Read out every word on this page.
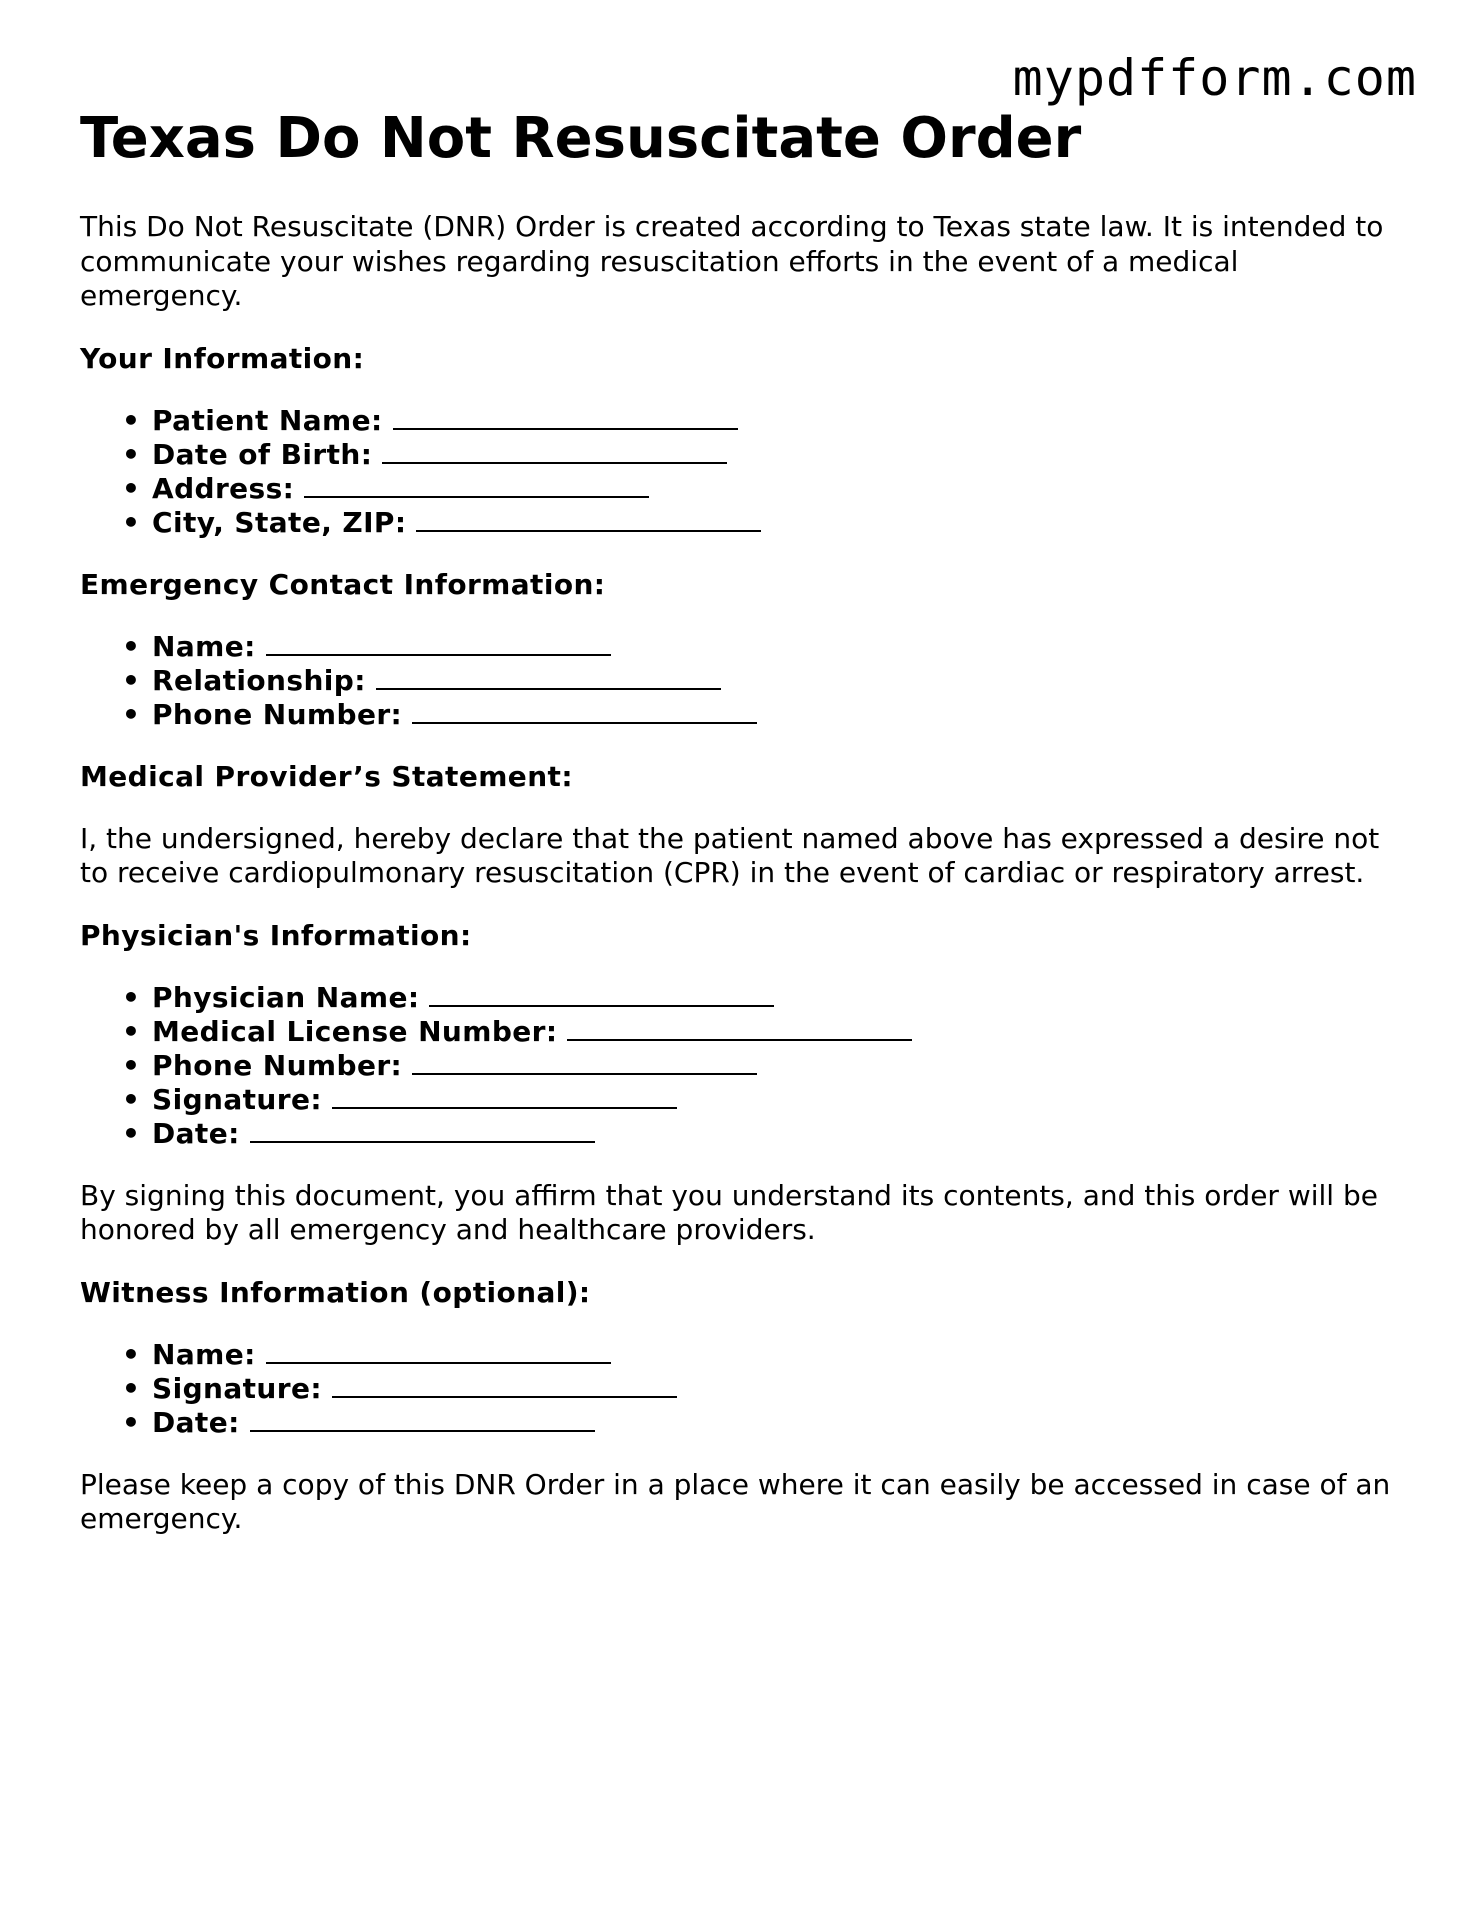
mypdfform.com
Texas Do Not Resuscitate Order

This Do Not Resuscitate (DNR) Order is created according to Texas state law. It is intended to communicate your wishes regarding resuscitation efforts in the event of a medical emergency.

Your Information:
• Patient Name:
• Date of Birth:
• Address:
• City, State, ZIP:
Emergency Contact Information:
• Name:
• Relationship:
• Phone Number:
Medical Provider’s Statement:

I, the undersigned, hereby declare that the patient named above has expressed a desire not to receive cardiopulmonary resuscitation (CPR) in the event of cardiac or respiratory arrest.

Physician's Information:
• Physician Name:
• Medical License Number:
• Phone Number:
• Signature:
• Date:

By signing this document, you affirm that you understand its contents, and this order will be honored by all emergency and healthcare providers.

Witness Information (optional):
• Name:
• Signature:
• Date:

Please keep a copy of this DNR Order in a place where it can easily be accessed in case of an emergency.
